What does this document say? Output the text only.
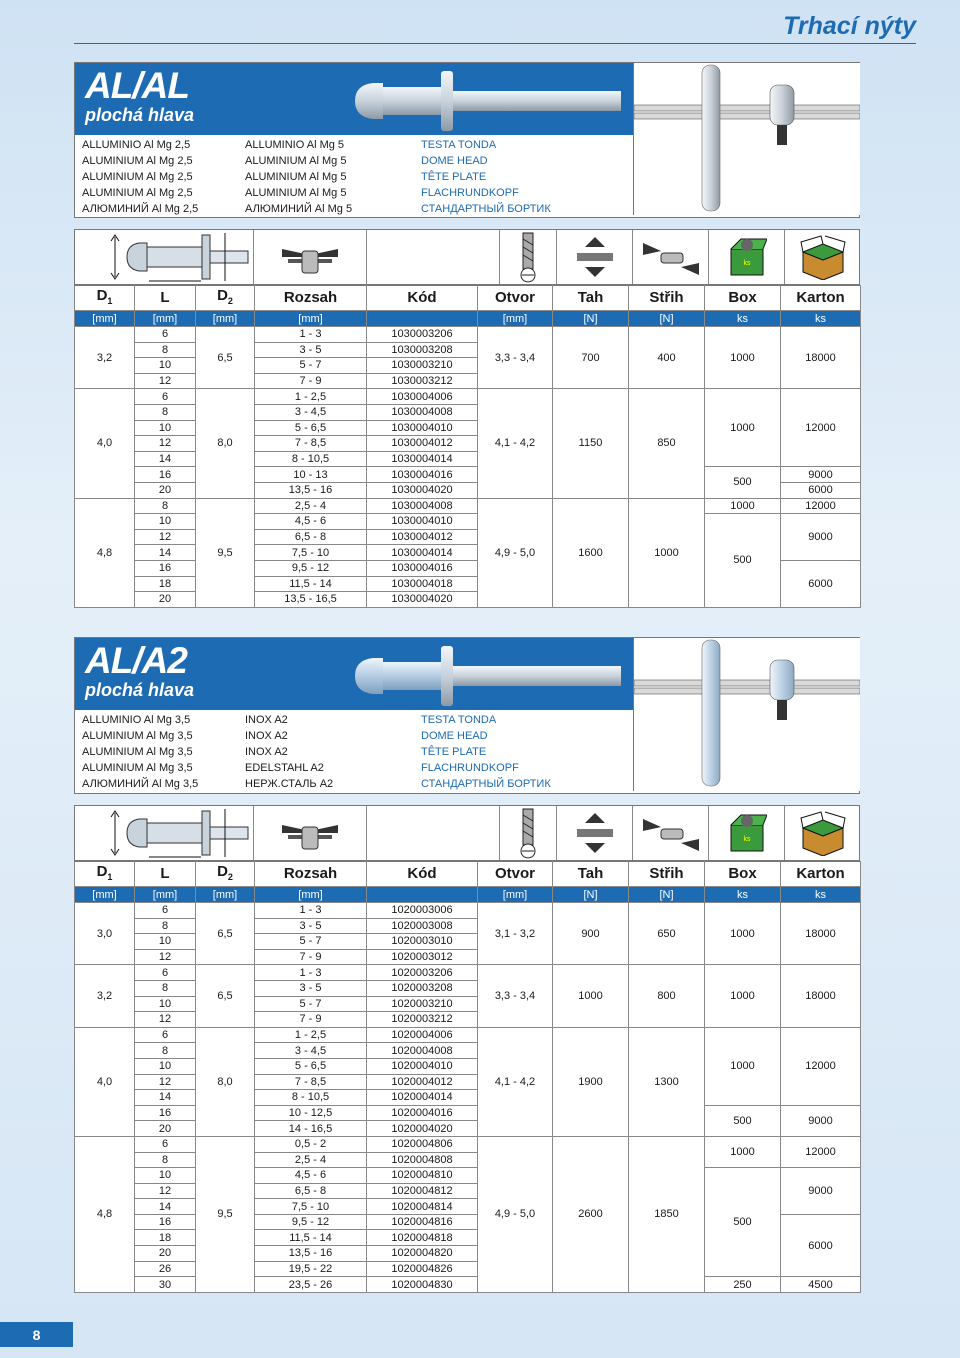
Trhací nýty
AL/AL
plochá hlava
ALLUMINIO Al Mg 2,5
ALUMINIUM Al Mg 2,5
ALUMINIUM Al Mg 2,5
ALUMINIUM Al Mg 2,5
АЛЮМИНИЙ Al Mg 2,5
ALLUMINIO Al Mg 5
ALUMINIUM Al Mg 5
ALUMINIUM Al Mg 5
ALUMINIUM Al Mg 5
АЛЮМИНИЙ Al Mg 5
TESTA TONDA
DOME HEAD
TÊTE PLATE
FLACHRUNDKOPF
СТАНДАРТНЫЙ БОРТИК
ks
$D_1$	L	$D_2$	Rozsah	Kód	Otvor	Tah	Střih	Box	Karton
[mm]	[mm]	[mm]	[mm]		[mm]	[N]	[N]	ks	ks
3,2	6	6,5	1 - 3	1030003206	3,3 - 3,4	700	400	1000	18000
	8		3 - 5	1030003208					
	10		5 - 7	1030003210					
	12		7 - 9	1030003212					
4,0	6	8,0	1 - 2,5	1030004006	4,1 - 4,2	1150	850	1000	12000
	8		3 - 4,5	1030004008					
	10		5 - 6,5	1030004010					
	12		7 - 8,5	1030004012					
	14		8 - 10,5	1030004014					
	16		10 - 13	1030004016				500	9000
	20		13,5 - 16	1030004020					6000
4,8	8	9,5	2,5 - 4	1030004008	4,9 - 5,0	1600	1000	1000	12000
	10		4,5 - 6	1030004010				500	9000
	12		6,5 - 8	1030004012					
	14		7,5 - 10	1030004014					
	16		9,5 - 12	1030004016					6000
	18		11,5 - 14	1030004018					
	20		13,5 - 16,5	1030004020					
AL/A2
plochá hlava
ALLUMINIO Al Mg 3,5
ALUMINIUM Al Mg 3,5
ALUMINIUM Al Mg 3,5
ALUMINIUM Al Mg 3,5
АЛЮМИНИЙ Al Mg 3,5
INOX A2
INOX A2
INOX A2
EDELSTAHL A2
НЕРЖ.СТАЛЬ A2
TESTA TONDA
DOME HEAD
TÊTE PLATE
FLACHRUNDKOPF
СТАНДАРТНЫЙ БОРТИК
ks
$D_1$	L	$D_2$	Rozsah	Kód	Otvor	Tah	Střih	Box	Karton
[mm]	[mm]	[mm]	[mm]		[mm]	[N]	[N]	ks	ks
3,0	6	6,5	1 - 3	1020003006	3,1 - 3,2	900	650	1000	18000
	8		3 - 5	1020003008					
	10		5 - 7	1020003010					
	12		7 - 9	1020003012					
3,2	6	6,5	1 - 3	1020003206	3,3 - 3,4	1000	800	1000	18000
	8		3 - 5	1020003208					
	10		5 - 7	1020003210					
	12		7 - 9	1020003212					
4,0	6	8,0	1 - 2,5	1020004006	4,1 - 4,2	1900	1300	1000	12000
	8		3 - 4,5	1020004008					
	10		5 - 6,5	1020004010					
	12		7 - 8,5	1020004012					
	14		8 - 10,5	1020004014					
	16		10 - 12,5	1020004016				500	9000
	20		14 - 16,5	1020004020					
4,8	6	9,5	0,5 - 2	1020004806	4,9 - 5,0	2600	1850	1000	12000
	8		2,5 - 4	1020004808					
	10		4,5 - 6	1020004810				500	9000
	12		6,5 - 8	1020004812					
	14		7,5 - 10	1020004814					
	16		9,5 - 12	1020004816					6000
	18		11,5 - 14	1020004818					
	20		13,5 - 16	1020004820					
	26		19,5 - 22	1020004826					
	30		23,5 - 26	1020004830				250	4500
8
